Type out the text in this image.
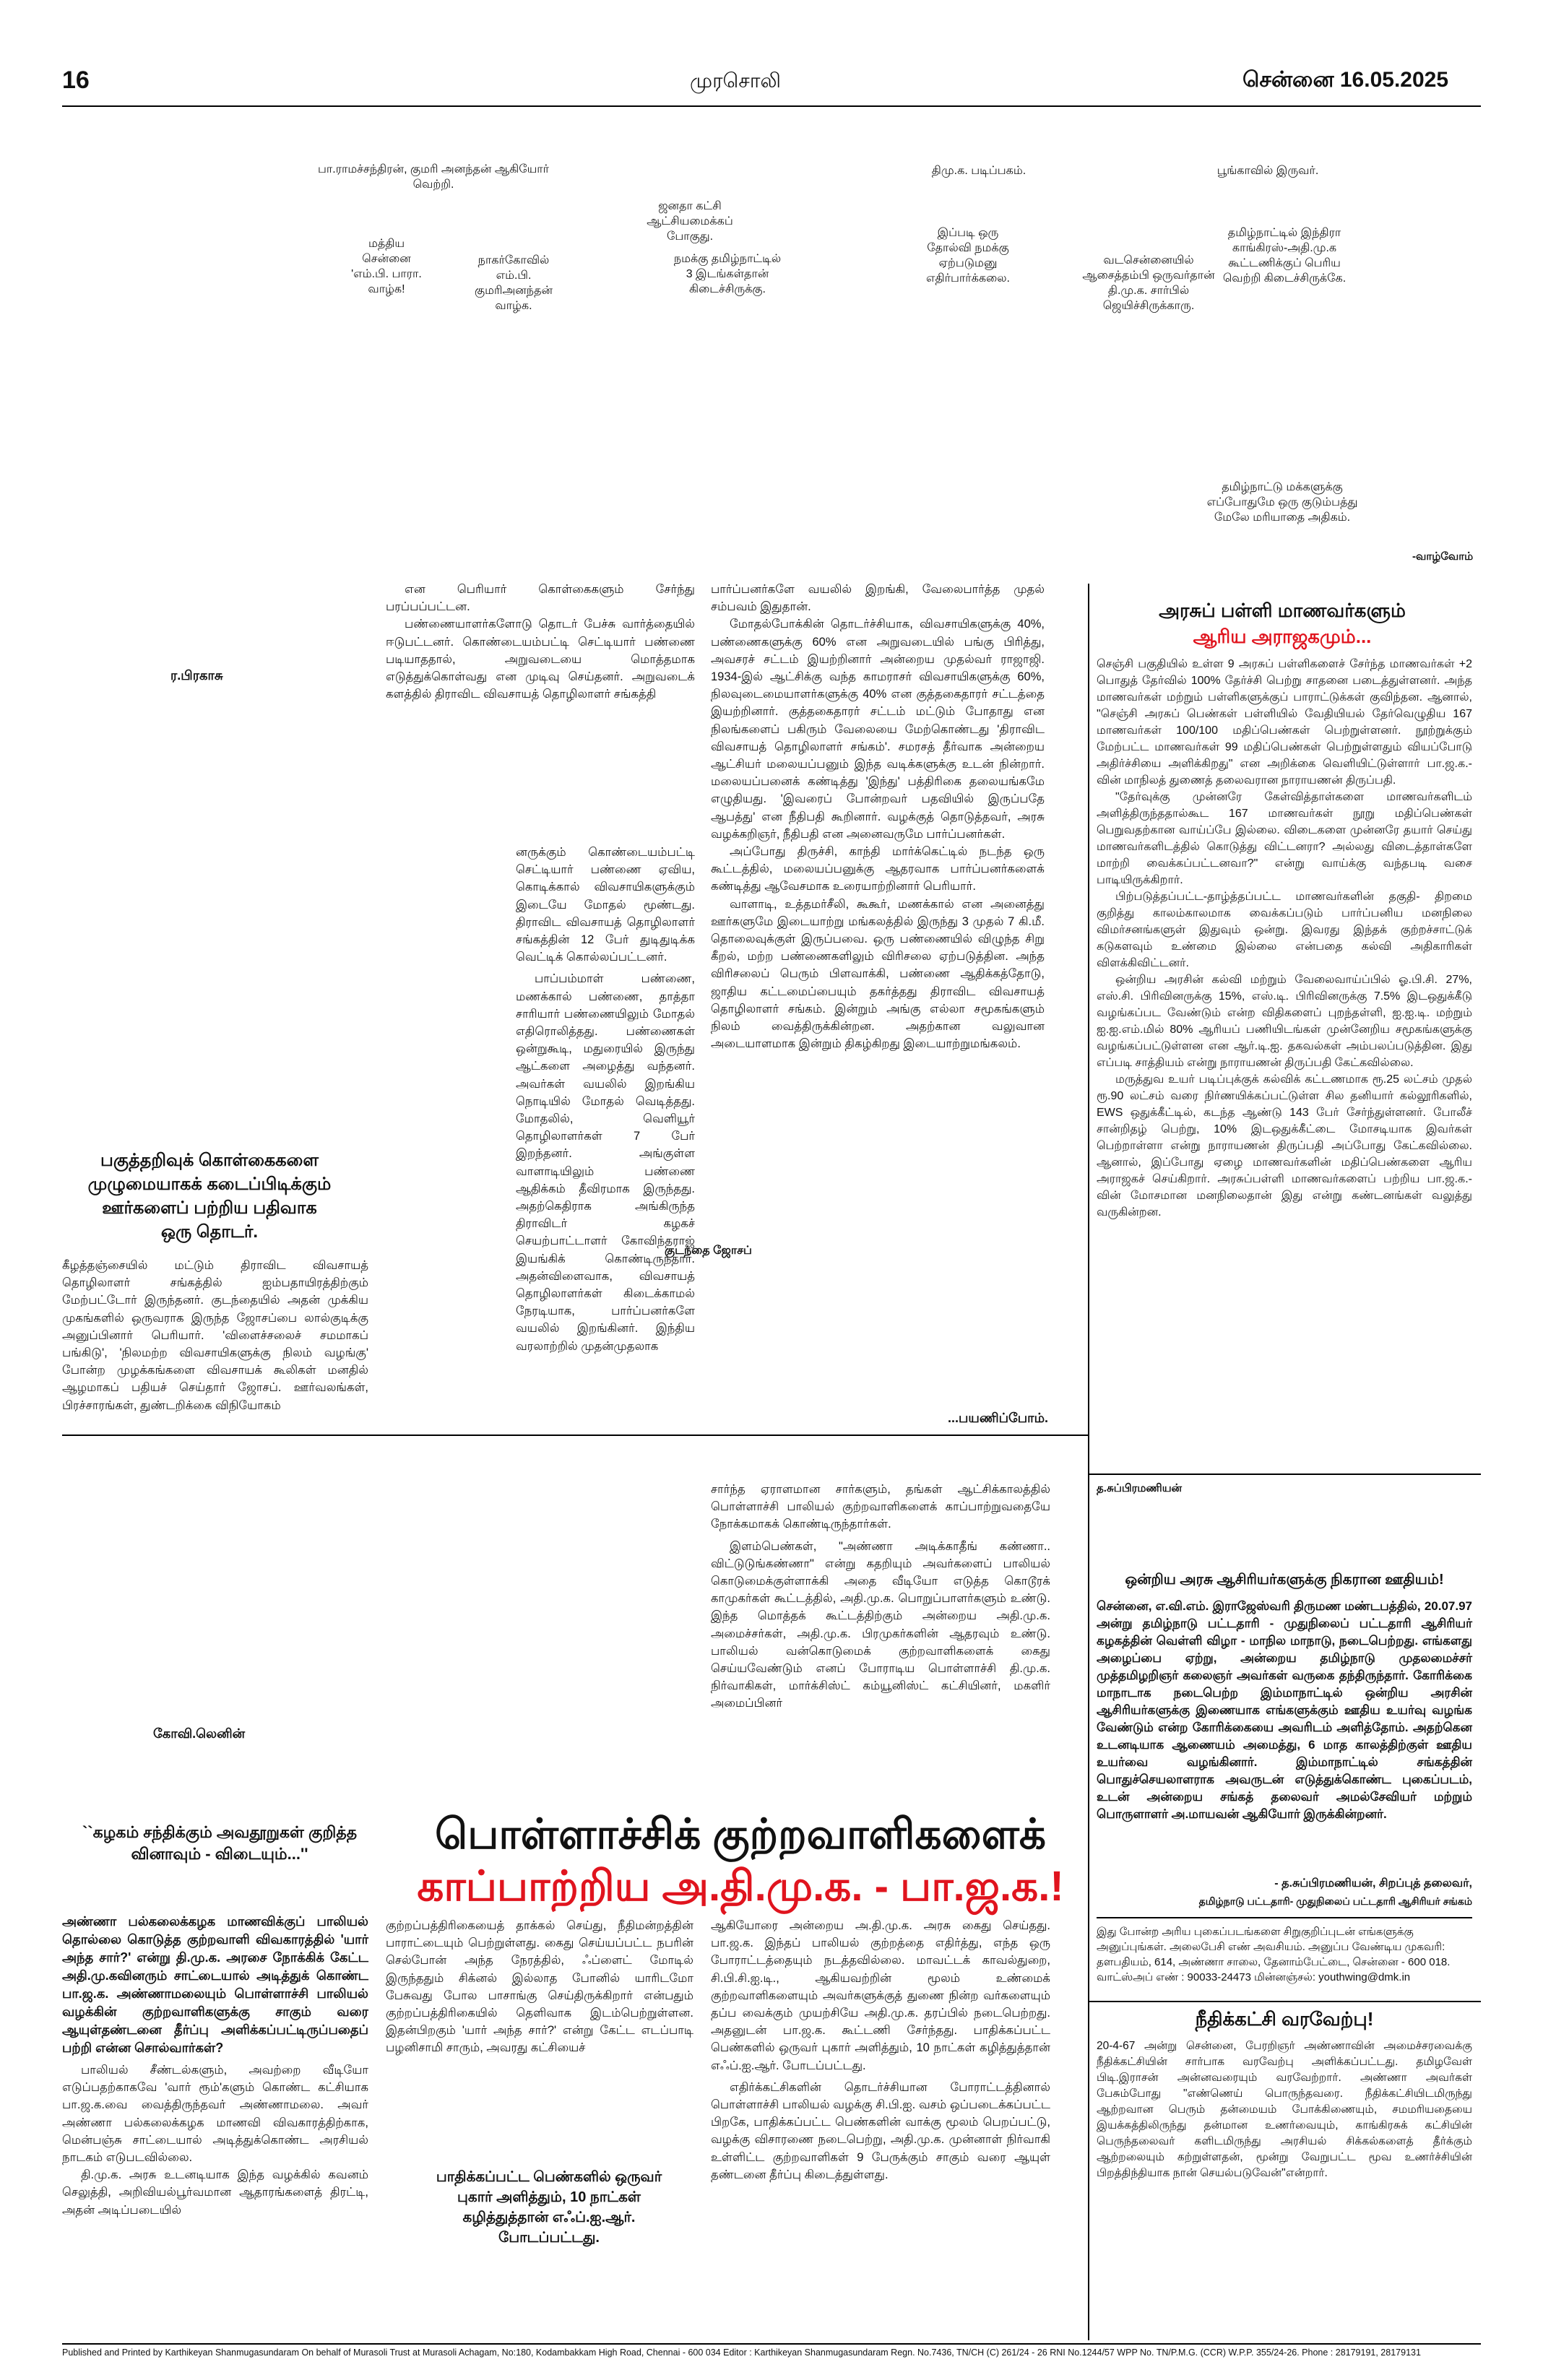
16	முரசொலி	சென்னை 16.05.2025
பா.ராமச்சந்திரன், குமரி அனந்தன் ஆகியோர் வெற்றி.
திமு.க. படிப்பகம்.	பூங்காவில் இருவர்.
ஜனதா கட்சி ஆட்சியமைக்கப் போகுது.
மத்திய சென்னை 'எம்.பி. பாரா. வாழ்க!
நாகர்கோவில் எம்.பி. குமரிஅனந்தன் வாழ்க.
நமக்கு தமிழ்நாட்டில் 3 இடங்கள்தான் கிடைச்சிருக்கு.
இப்படி ஒரு தோல்வி நமக்கு ஏற்படுமனு எதிர்பார்க்கலை.
வடசென்னையில் ஆசைத்தம்பி ஒருவர்தான் தி.மு.க. சார்பில் ஜெயிச்சிருக்காரு.
தமிழ்நாட்டில் இந்திரா காங்கிரஸ்-அதி.மு.க கூட்டணிக்குப் பெரிய வெற்றி கிடைச்சிருக்கே.
தமிழ்நாட்டு மக்களுக்கு எப்போதுமே ஒரு குடும்பத்து மேலே மரியாதை அதிகம்.
-வாழ்வோம்
ர.பிரகாசு
பகுத்தறிவுக் கொள்கைகளை முழுமையாகக் கடைப்பிடிக்கும் ஊர்களைப் பற்றிய பதிவாக ஒரு தொடர்.

கீழத்தஞ்சையில் மட்டும் திராவிட விவசாயத் தொழிலாளர் சங்கத்தில் ஐம்பதாயிரத்திற்கும் மேற்பட்டோர் இருந்தனர். குடந்தையில் அதன் முக்கிய முகங்களில் ஒருவராக இருந்த ஜோசப்பை லால்குடிக்கு அனுப்பினார் பெரியார். 'விளைச்சலைச் சமமாகப் பங்கிடு', 'நிலமற்ற விவசாயிகளுக்கு நிலம் வழங்கு' போன்ற முழக்கங்களை விவசாயக் கூலிகள் மனதில் ஆழமாகப் பதியச் செய்தார் ஜோசப். ஊர்வலங்கள், பிரச்சாரங்கள், துண்டறிக்கை விநியோகம்

என பெரியார் கொள்கைகளும் சேர்ந்து பரப்பப்பட்டன.

பண்ணையாளர்களோடு தொடர் பேச்சு வார்த்தையில் ஈடுபட்டனர். கொண்டையம்பட்டி செட்டியார் பண்ணை படியாததால், அறுவடையை மொத்தமாக எடுத்துக்கொள்வது என முடிவு செய்தனர். அறுவடைக் களத்தில் திராவிட விவசாயத் தொழிலாளர் சங்கத்தி

னருக்கும் கொண்டையம்பட்டி செட்டியார் பண்ணை ஏவிய, கொடிக்கால் விவசாயிகளுக்கும் இடையே மோதல் மூண்டது. திராவிட விவசாயத் தொழிலாளர் சங்கத்தின் 12 பேர் துடிதுடிக்க வெட்டிக் கொல்லப்பட்டனர்.

பாப்பம்மாள் பண்ணை, மணக்கால் பண்ணை, தாத்தா சாரியார் பண்ணையிலும் மோதல் எதிரொலித்தது. பண்ணைகள் ஒன்றுகூடி, மதுரையில் இருந்து ஆட்களை அழைத்து வந்தனர். அவர்கள் வயலில் இறங்கிய நொடியில் மோதல் வெடித்தது. மோதலில், வெளியூர் தொழிலாளர்கள் 7 பேர் இறந்தனர். அங்குள்ள வாளாடியிலும் பண்ணை ஆதிக்கம் தீவிரமாக இருந்தது. அதற்கெதிராக அங்கிருந்த திராவிடர் கழகச் செயற்பாட்டாளர் கோவிந்தராஜ் இயங்கிக் கொண்டிருந்தார். அதன்விளைவாக, விவசாயத் தொழிலாளர்கள் கிடைக்காமல் நேரடியாக, பார்ப்பனர்களே வயலில் இறங்கினர். இந்திய வரலாற்றில் முதன்முதலாக

குடந்தை ஜோசப்

பார்ப்பனர்களே வயலில் இறங்கி, வேலைபார்த்த முதல் சம்பவம் இதுதான்.

மோதல்போக்கின் தொடர்ச்சியாக, விவசாயிகளுக்கு 40%, பண்ணைகளுக்கு 60% என அறுவடையில் பங்கு பிரித்து, அவசரச் சட்டம் இயற்றினார் அன்றைய முதல்வர் ராஜாஜி. 1934-இல் ஆட்சிக்கு வந்த காமராசர் விவசாயிகளுக்கு 60%, நிலவுடைமையாளர்களுக்கு 40% என குத்தகைதாரர் சட்டத்தை இயற்றினார். குத்தகைதாரர் சட்டம் மட்டும் போதாது என நிலங்களைப் பகிரும் வேலையை மேற்கொண்டது 'திராவிட விவசாயத் தொழிலாளர் சங்கம்'. சமரசத் தீர்வாக அன்றைய ஆட்சியர் மலையப்பனும் இந்த வடிக்களுக்கு உடன் நின்றார். மலையப்பனைக் கண்டித்து 'இந்து' பத்திரிகை தலையங்கமே எழுதியது. 'இவரைப் போன்றவர் பதவியில் இருப்பதே ஆபத்து' என நீதிபதி கூறினார். வழக்குத் தொடுத்தவர், அரசு வழக்கறிஞர், நீதிபதி என அனைவருமே பார்ப்பனர்கள்.

அப்போது திருச்சி, காந்தி மார்க்கெட்டில் நடந்த ஒரு கூட்டத்தில், மலையப்பனுக்கு ஆதரவாக பார்ப்பனர்களைக் கண்டித்து ஆவேசமாக உரையாற்றினார் பெரியார்.

வாளாடி, உத்தமர்சீலி, கூகூர், மணக்கால் என அனைத்து ஊர்களுமே இடையாற்று மங்கலத்தில் இருந்து 3 முதல் 7 கி.மீ. தொலைவுக்குள் இருப்பவை. ஒரு பண்ணையில் விழுந்த சிறு கீறல், மற்ற பண்ணைகளிலும் விரிசலை ஏற்படுத்தின. அந்த விரிசலைப் பெரும் பிளவாக்கி, பண்ணை ஆதிக்கத்தோடு, ஜாதிய கட்டமைப்பையும் தகர்த்தது திராவிட விவசாயத் தொழிலாளர் சங்கம். இன்றும் அங்கு எல்லா சமூகங்களும் நிலம் வைத்திருக்கின்றன. அதற்கான வலுவான அடையாளமாக இன்றும் திகழ்கிறது இடையாற்றுமங்கலம்.

...பயணிப்போம்.
அரசுப் பள்ளி மாணவர்களும்
ஆரிய அராஜகமும்...

செஞ்சி பகுதியில் உள்ள 9 அரசுப் பள்ளிகளைச் சேர்ந்த மாணவர்கள் +2 பொதுத் தேர்வில் 100% தேர்ச்சி பெற்று சாதனை படைத்துள்ளனர். அந்த மாணவர்கள் மற்றும் பள்ளிகளுக்குப் பாராட்டுக்கள் குவிந்தன. ஆனால், "செஞ்சி அரசுப் பெண்கள் பள்ளியில் வேதியியல் தேர்வெழுதிய 167 மாணவர்கள் 100/100 மதிப்பெண்கள் பெற்றுள்ளனர். நூற்றுக்கும் மேற்பட்ட மாணவர்கள் 99 மதிப்பெண்கள் பெற்றுள்ளதும் வியப்போடு அதிர்ச்சியை அளிக்கிறது" என அறிக்கை வெளியிட்டுள்ளார் பா.ஜ.க.-வின் மாநிலத் துணைத் தலைவரான நாராயணன் திருப்பதி.

"தேர்வுக்கு முன்னரே கேள்வித்தாள்களை மாணவர்களிடம் அளித்திருந்ததால்கூட 167 மாணவர்கள் நூறு மதிப்பெண்கள் பெறுவதற்கான வாய்ப்பே இல்லை. விடைகளை முன்னரே தயார் செய்து மாணவர்களிடத்தில் கொடுத்து விட்டனரா? அல்லது விடைத்தாள்களே மாற்றி வைக்கப்பட்டனவா?" என்று வாய்க்கு வந்தபடி வசை பாடியிருக்கிறார்.

பிற்படுத்தப்பட்ட-தாழ்த்தப்பட்ட மாணவர்களின் தகுதி- திறமை குறித்து காலம்காலமாக வைக்கப்படும் பார்ப்பனிய மனநிலை விமர்சனங்களுள் இதுவும் ஒன்று. இவரது இந்தக் குற்றச்சாட்டுக் கடுகளவும் உண்மை இல்லை என்பதை கல்வி அதிகாரிகள் விளக்கிவிட்டனர்.

ஒன்றிய அரசின் கல்வி மற்றும் வேலைவாய்ப்பில் ஓ.பி.சி. 27%, எஸ்.சி. பிரிவினருக்கு 15%, எஸ்.டி. பிரிவினருக்கு 7.5% இடஒதுக்கீடு வழங்கப்பட வேண்டும் என்ற விதிகளைப் புறந்தள்ளி, ஐ.ஐ.டி. மற்றும் ஐ.ஐ.எம்.மில் 80% ஆரியப் பணியிடங்கள் முன்னேறிய சமூகங்களுக்கு வழங்கப்பட்டுள்ளன என ஆர்.டி.ஐ. தகவல்கள் அம்பலப்படுத்தின. இது எப்படி சாத்தியம் என்று நாராயணன் திருப்பதி கேட்கவில்லை.

மருத்துவ உயர் படிப்புக்குக் கல்விக் கட்டணமாக ரூ.25 லட்சம் முதல் ரூ.90 லட்சம் வரை நிர்ணயிக்கப்பட்டுள்ள சில தனியார் கல்லூரிகளில், EWS ஒதுக்கீட்டில், கடந்த ஆண்டு 143 பேர் சேர்ந்துள்ளனர். போலீச் சான்றிதழ் பெற்று, 10% இடஒதுக்கீட்டை மோசடியாக இவர்கள் பெற்றாள்ளா என்று நாராயணன் திருப்பதி அப்போது கேட்கவில்லை. ஆனால், இப்போது ஏழை மாணவர்களின் மதிப்பெண்களை ஆரிய அராஜகச் செய்கிறார். அரசுப்பள்ளி மாணவர்களைப் பற்றிய பா.ஜ.க.-வின் மோசமான மனநிலைதான் இது என்று கண்டனங்கள் வலுத்து வருகின்றன.

கோவி.லெனின்
``கழகம் சந்திக்கும் அவதூறுகள் குறித்த வினாவும் - விடையும்...''	பொள்ளாச்சிக் குற்றவாளிகளைக்
காப்பாற்றிய அ.தி.மு.க. - பா.ஜ.க.!

அண்ணா பல்கலைக்கழக மாணவிக்குப் பாலியல் தொல்லை கொடுத்த குற்றவாளி விவகாரத்தில் 'யார் அந்த சார்?' என்று தி.மு.க. அரசை நோக்கிக் கேட்ட அதி.மு.கவினரும் சாட்டையால் அடித்துக் கொண்ட பா.ஜ.க. அண்ணாமலையும் பொள்ளாச்சி பாலியல் வழக்கின் குற்றவாளிகளுக்கு சாகும் வரை ஆயுள்தண்டனை தீர்ப்பு அளிக்கப்பட்டிருப்பதைப் பற்றி என்ன சொல்வார்கள்?

பாலியல் சீண்டல்களும், அவற்றை வீடியோ எடுப்பதற்காகவே 'வார் ரூம்'களும் கொண்ட கட்சியாக பா.ஜ.க.வை வைத்திருந்தவர் அண்ணாமலை. அவர் அண்ணா பல்கலைக்கழக மாணவி விவகாரத்திற்காக, மென்பஞ்சு சாட்டையால் அடித்துக்கொண்ட அரசியல் நாடகம் எடுபடவில்லை.

தி.மு.க. அரசு உடனடியாக இந்த வழக்கில் கவனம் செலுத்தி, அறிவியல்பூர்வமான ஆதாரங்களைத் திரட்டி, அதன் அடிப்படையில்

குற்றப்பத்திரிகையைத் தாக்கல் செய்து, நீதிமன்றத்தின் பாராட்டையும் பெற்றுள்ளது. கைது செய்யப்பட்ட நபரின் செல்போன் அந்த நேரத்தில், ஃப்ளைட் மோடில் இருந்ததும் சிக்னல் இல்லாத போனில் யாரிடமோ பேசுவது போல பாசாங்கு செய்திருக்கிறார் என்பதும் குற்றப்பத்திரிகையில் தெளிவாக இடம்பெற்றுள்ளன. இதன்பிறகும் 'யார் அந்த சார்?' என்று கேட்ட எடப்பாடி பழனிசாமி சாரும், அவரது கட்சியைச்

சார்ந்த ஏராளமான சார்களும், தங்கள் ஆட்சிக்காலத்தில் பொள்ளாச்சி பாலியல் குற்றவாளிகளைக் காப்பாற்றுவதையே நோக்கமாகக் கொண்டிருந்தார்கள்.

இளம்பெண்கள், "அண்ணா அடிக்காதீங் கண்ணா.. விட்டுடுங்கண்ணா" என்று கதறியும் அவர்களைப் பாலியல் கொடுமைக்குள்ளாக்கி அதை வீடியோ எடுத்த கொடூரக் காமுகர்கள் கூட்டத்தில், அதி.மு.க. பொறுப்பாளர்களும் உண்டு. இந்த மொத்தக் கூட்டத்திற்கும் அன்றைய அதி.மு.க. அமைச்சர்கள், அதி.மு.க. பிரமுகர்களின் ஆதரவும் உண்டு. பாலியல் வன்கொடுமைக் குற்றவாளிகளைக் கைது செய்யவேண்டும் எனப் போராடிய பொள்ளாச்சி தி.மு.க. நிர்வாகிகள், மார்க்சிஸ்ட் கம்யூனிஸ்ட் கட்சியினர், மகளிர் அமைப்பினர்

ஆகியோரை அன்றைய அ.தி.மு.க. அரசு கைது செய்தது. பா.ஜ.க. இந்தப் பாலியல் குற்றத்தை எதிர்த்து, எந்த ஒரு போராட்டத்தையும் நடத்தவில்லை. மாவட்டக் காவல்துறை, சி.பி.சி.ஐ.டி., ஆகியவற்றின் மூலம் உண்மைக் குற்றவாளிகளையும் அவர்களுக்குத் துணை நின்ற வர்களையும் தப்ப வைக்கும் முயற்சியே அதி.மு.க. தரப்பில் நடைபெற்றது. அதனுடன் பா.ஜ.க. கூட்டணி சேர்ந்தது. பாதிக்கப்பட்ட பெண்களில் ஒருவர் புகார் அளித்தும், 10 நாட்கள் கழித்துத்தான் எஃப்.ஐ.ஆர். போடப்பட்டது.

எதிர்க்கட்சிகளின் தொடர்ச்சியான போராட்டத்தினால் பொள்ளாச்சி பாலியல் வழக்கு சி.பி.ஐ. வசம் ஒப்படைக்கப்பட்ட பிறகே, பாதிக்கப்பட்ட பெண்களின் வாக்கு மூலம் பெறப்பட்டு, வழக்கு விசாரணை நடைபெற்று, அதி.மு.க. முன்னாள் நிர்வாகி உள்ளிட்ட குற்றவாளிகள் 9 பேருக்கும் சாகும் வரை ஆயுள் தண்டனை தீர்ப்பு கிடைத்துள்ளது.

பாதிக்கப்பட்ட பெண்களில் ஒருவர் புகார் அளித்தும், 10 நாட்கள் கழித்துத்தான் எஃப்.ஐ.ஆர். போடப்பட்டது.
த.சுப்பிரமணியன்
ஒன்றிய அரசு ஆசிரியர்களுக்கு நிகரான ஊதியம்!

சென்னை, எ.வி.எம். இராஜேஸ்வரி திருமண மண்டபத்தில், 20.07.97 அன்று தமிழ்நாடு பட்டதாரி - முதுநிலைப் பட்டதாரி ஆசிரியர் கழகத்தின் வெள்ளி விழா - மாநில மாநாடு, நடைபெற்றது. எங்களது அழைப்பை ஏற்று, அன்றைய தமிழ்நாடு முதலமைச்சர் முத்தமிழறிஞர் கலைஞர் அவர்கள் வருகை தந்திருந்தார். கோரிக்கை மாநாடாக நடைபெற்ற இம்மாநாட்டில் ஒன்றிய அரசின் ஆசிரியர்களுக்கு இணையாக எங்களுக்கும் ஊதிய உயர்வு வழங்க வேண்டும் என்ற கோரிக்கையை அவரிடம் அளித்தோம். அதற்கென உடனடியாக ஆணையம் அமைத்து, 6 மாத காலத்திற்குள் ஊதிய உயர்வை வழங்கினார். இம்மாநாட்டில் சங்கத்தின் பொதுச்செயலாளராக அவருடன் எடுத்துக்கொண்ட புகைப்படம், உடன் அன்றைய சங்கத் தலைவர் அமல்சேவியர் மற்றும் பொருளாளர் அ.மாயவன் ஆகியோர் இருக்கின்றனர்.

- த.சுப்பிரமணியன், சிறப்புத் தலைவர்,
தமிழ்நாடு பட்டதாரி- முதுநிலைப் பட்டதாரி ஆசிரியர் சங்கம்
இது போன்ற அரிய புகைப்படங்களை சிறுகுறிப்புடன் எங்களுக்கு அனுப்புங்கள். அலைபேசி எண் அவசியம். அனுப்ப வேண்டிய முகவரி: தளபதியம், 614, அண்ணா சாலை, தேனாம்பேட்டை, சென்னை - 600 018. வாட்ஸ்அப் எண் : 90033-24473 மின்னஞ்சல்: youthwing@dmk.in
நீதிக்கட்சி வரவேற்பு!

20-4-67 அன்று சென்னை, பேரறிஞர் அண்ணாவின் அமைச்சரவைக்கு நீதிக்கட்சியின் சார்பாக வரவேற்பு அளிக்கப்பட்டது. தமிழவேள் பிடி.இராசன் அன்னவரையும் வரவேற்றார். அண்ணா அவர்கள் பேசும்போது "எண்ணெய் பொருந்தவரை. நீதிக்கட்சியிடமிருந்து ஆற்றவான பெரும் தன்மையம் போக்கிணையும், சமமரியதையை இயக்கத்திலிருந்து தன்மான உணர்வையும், காங்கிரசுக் கட்சியின் பெருந்தலைவர் களிடமிருந்து அரசியல் சிக்கல்களைத் தீர்க்கும் ஆற்றலையும் கற்றுள்ளதன், மூன்று வேறுபட்ட மூவ உணர்ச்சியின் பிறத்திந்தியாக நான் செயல்படுவேன்"என்றார்.

Published and Printed by Karthikeyan Shanmugasundaram On behalf of Murasoli Trust at Murasoli Achagam, No:180, Kodambakkam High Road, Chennai - 600 034 Editor : Karthikeyan Shanmugasundaram Regn. No.7436, TN/CH (C) 261/24 - 26 RNI No.1244/57 WPP No. TN/P.M.G. (CCR) W.P.P. 355/24-26. Phone : 28179191, 28179131
